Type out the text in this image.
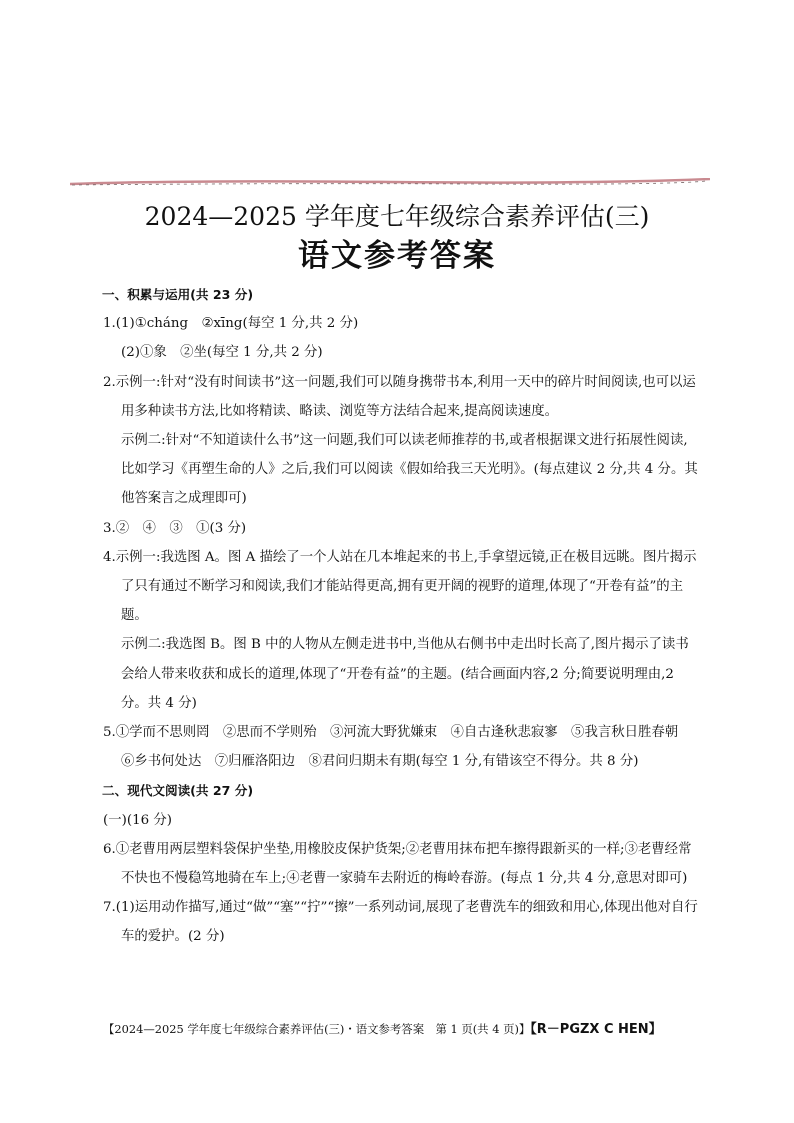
2024—2025 学年度七年级综合素养评估(三)
语文参考答案

一、积累与运用(共 23 分)

1.(1)①cháng　②xīng(每空 1 分,共 2 分)

(2)①象　②坐(每空 1 分,共 2 分)

2.示例一:针对“没有时间读书”这一问题,我们可以随身携带书本,利用一天中的碎片时间阅读,也可以运用多种读书方法,比如将精读、略读、浏览等方法结合起来,提高阅读速度。

示例二:针对“不知道读什么书”这一问题,我们可以读老师推荐的书,或者根据课文进行拓展性阅读,比如学习《再塑生命的人》之后,我们可以阅读《假如给我三天光明》。(每点建议 2 分,共 4 分。其他答案言之成理即可)

3.②　④　③　①(3 分)

4.示例一:我选图 A。图 A 描绘了一个人站在几本堆起来的书上,手拿望远镜,正在极目远眺。图片揭示了只有通过不断学习和阅读,我们才能站得更高,拥有更开阔的视野的道理,体现了“开卷有益”的主题。

示例二:我选图 B。图 B 中的人物从左侧走进书中,当他从右侧书中走出时长高了,图片揭示了读书会给人带来收获和成长的道理,体现了“开卷有益”的主题。(结合画面内容,2 分;简要说明理由,2 分。共 4 分)

5.①学而不思则罔　②思而不学则殆　③河流大野犹嫌束　④自古逢秋悲寂寥　⑤我言秋日胜春朝　⑥乡书何处达　⑦归雁洛阳边　⑧君问归期未有期(每空 1 分,有错该空不得分。共 8 分)

二、现代文阅读(共 27 分)

(一)(16 分)

6.①老曹用两层塑料袋保护坐垫,用橡胶皮保护货架;②老曹用抹布把车擦得跟新买的一样;③老曹经常不快也不慢稳笃地骑在车上;④老曹一家骑车去附近的梅岭春游。(每点 1 分,共 4 分,意思对即可)

7.(1)运用动作描写,通过“做”“塞”“拧”“擦”一系列动词,展现了老曹洗车的细致和用心,体现出他对自行车的爱护。(2 分)

【2024—2025 学年度七年级综合素养评估(三)・语文参考答案　第 1 页(共 4 页)】【R－PGZX C HEN】
